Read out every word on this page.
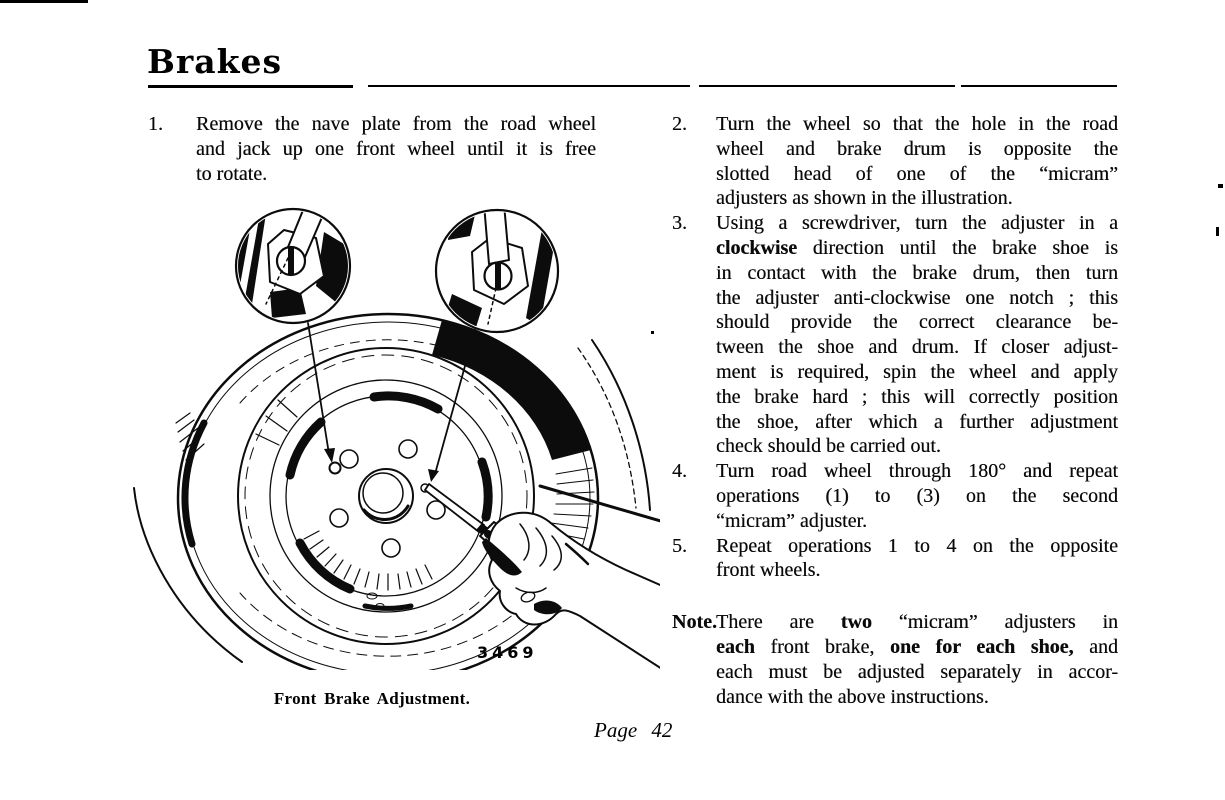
Brakes
1. Remove the nave plate from the road wheel
and jack up one front wheel until it is free
to rotate.
3469
Front Brake Adjustment.
2. Turn the wheel so that the hole in the road
wheel and brake drum is opposite the
slotted head of one of the “micram”
adjusters as shown in the illustration.
3. Using a screwdriver, turn the adjuster in a
clockwise direction until the brake shoe is
in contact with the brake drum, then turn
the adjuster anti-clockwise one notch ; this
should provide the correct clearance be-
tween the shoe and drum. If closer adjust-
ment is required, spin the wheel and apply
the brake hard ; this will correctly position
the shoe, after which a further adjustment
check should be carried out.
4. Turn road wheel through 180° and repeat
operations (1) to (3) on the second
“micram” adjuster.
5. Repeat operations 1 to 4 on the opposite
front wheels.
Note. There are two “micram” adjusters in
each front brake, one for each shoe, and
each must be adjusted separately in accor-
dance with the above instructions.
Page 42
